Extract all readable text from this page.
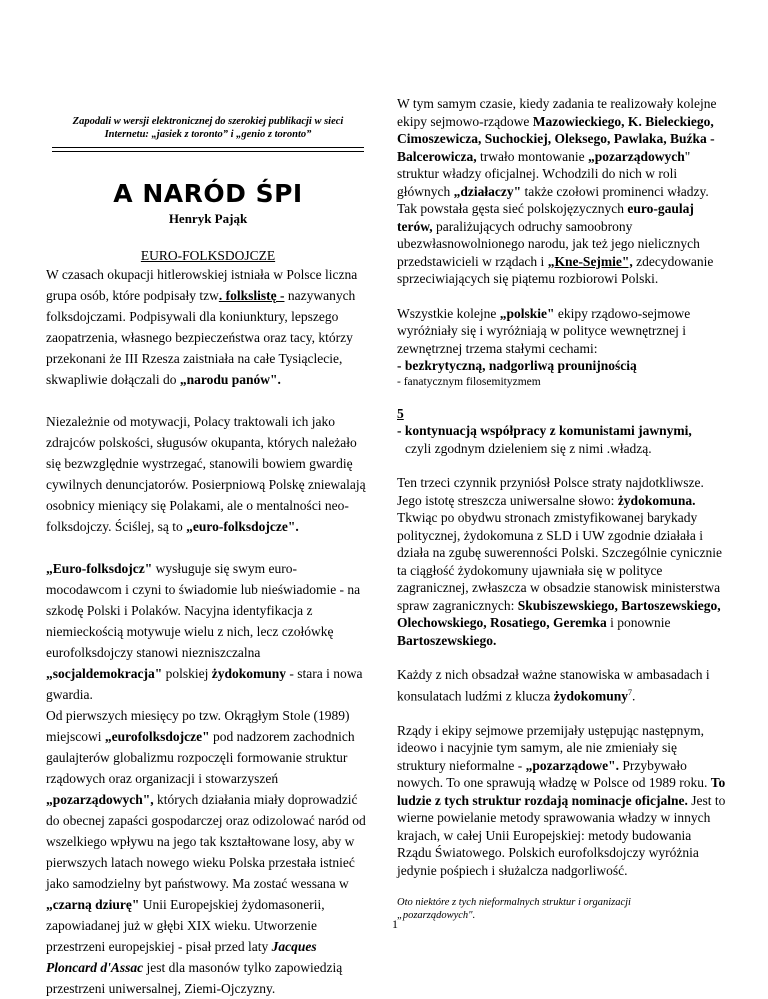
Zapodali w wersji elektronicznej do szerokiej publikacji w sieci
Internetu: „jasiek z toronto” i „genio z toronto”
A NARÓD ŚPI
Henryk Pająk
EURO-FOLKSDOJCZE

W czasach okupacji hitlerowskiej istniała w Polsce liczna grupa osób, które podpisały tzw. folkslistę - nazywanych folksdojczami. Podpisywali dla koniunktury, lepszego zaopatrzenia, własnego bezpieczeństwa oraz tacy, którzy przekonani że III Rzesza zaistniała na całe Tysiąclecie, skwapliwie dołączali do „narodu panów".

Niezależnie od motywacji, Polacy traktowali ich jako zdrajców polskości, sługusów okupanta, których należało się bezwzględnie wystrzegać, stanowili bowiem gwardię cywilnych denuncjatorów. Posierpniową Polskę zniewalają osobnicy mieniący się Polakami, ale o mentalności neo-folksdojczy. Ściślej, są to „euro-folksdojcze".

„Euro-folksdojcz" wysługuje się swym euro-mocodawcom i czyni to świadomie lub nieświadomie - na szkodę Polski i Polaków. Nacyjna identyfikacja z niemieckością motywuje wielu z nich, lecz czołówkę eurofolksdojczy stanowi niezniszczalna „socjaldemokracja" polskiej żydokomuny - stara i nowa gwardia.

Od pierwszych miesięcy po tzw. Okrągłym Stole (1989) miejscowi „eurofolksdojcze" pod nadzorem zachodnich gaulajterów globalizmu rozpoczęli formowanie struktur rządowych oraz organizacji i stowarzyszeń „pozarządowych", których działania miały doprowadzić do obecnej zapaści gospodarczej oraz odizolować naród od wszelkiego wpływu na jego tak kształtowane losy, aby w pierwszych latach nowego wieku Polska przestała istnieć jako samodzielny byt państwowy. Ma zostać wessana w „czarną dziurę" Unii Europejskiej żydomasonerii, zapowiadanej już w głębi XIX wieku. Utworzenie przestrzeni europejskiej - pisał przed laty Jacques Ploncard d'Assac jest dla masonów tylko zapowiedzią przestrzeni uniwersalnej, Ziemi-Ojczyzny.

W tym samym czasie, kiedy zadania te realizowały kolejne ekipy sejmowo-rządowe Mazowieckiego, K. Bieleckiego, Cimoszewicza, Suchockiej, Oleksego, Pawlaka, Buźka - Balcerowicza, trwało montowanie „pozarządowych" struktur władzy oficjalnej. Wchodzili do nich w roli głównych „działaczy" także czołowi prominenci władzy. Tak powstała gęsta sieć polskojęzycznych euro-gaulaj terów, paraliżujących odruchy samoobrony ubezwłasnowolnionego narodu, jak też jego nielicznych przedstawicieli w rządach i „Kne-Sejmie", zdecydowanie sprzeciwiających się piątemu rozbiorowi Polski.

Wszystkie kolejne „polskie" ekipy rządowo-sejmowe wyróżniały się i wyróżniają w polityce wewnętrznej i zewnętrznej trzema stałymi cechami:

- bezkrytyczną, nadgorliwą prounijnością

- fanatycznym filosemityzmem

5

- kontynuacją współpracy z komunistami jawnymi,

czyli zgodnym dzieleniem się z nimi .władzą.

Ten trzeci czynnik przyniósł Polsce straty najdotkliwsze. Jego istotę streszcza uniwersalne słowo: żydokomuna. Tkwiąc po obydwu stronach zmistyfikowanej barykady politycznej, żydokomuna z SLD i UW zgodnie działała i działa na zgubę suwerenności Polski. Szczególnie cynicznie ta ciągłość żydokomuny ujawniała się w polityce zagranicznej, zwłaszcza w obsadzie stanowisk ministerstwa spraw zagranicznych: Skubiszewskiego, Bartoszewskiego, Olechowskiego, Rosatiego, Geremka i ponownie Bartoszewskiego.

Każdy z nich obsadzał ważne stanowiska w ambasadach i konsulatach ludźmi z klucza żydokomuny$^7$.

Rządy i ekipy sejmowe przemijały ustępując następnym, ideowo i nacyjnie tym samym, ale nie zmieniały się struktury nieformalne - „pozarządowe". Przybywało nowych. To one sprawują władzę w Polsce od 1989 roku. To ludzie z tych struktur rozdają nominacje oficjalne. Jest to wierne powielanie metody sprawowania władzy w innych krajach, w całej Unii Europejskiej: metody budowania Rządu Światowego. Polskich eurofolksdojczy wyróżnia jedynie pośpiech i służalcza nadgorliwość.

Oto niektóre z tych nieformalnych struktur i organizacji
„pozarządowych".
1
